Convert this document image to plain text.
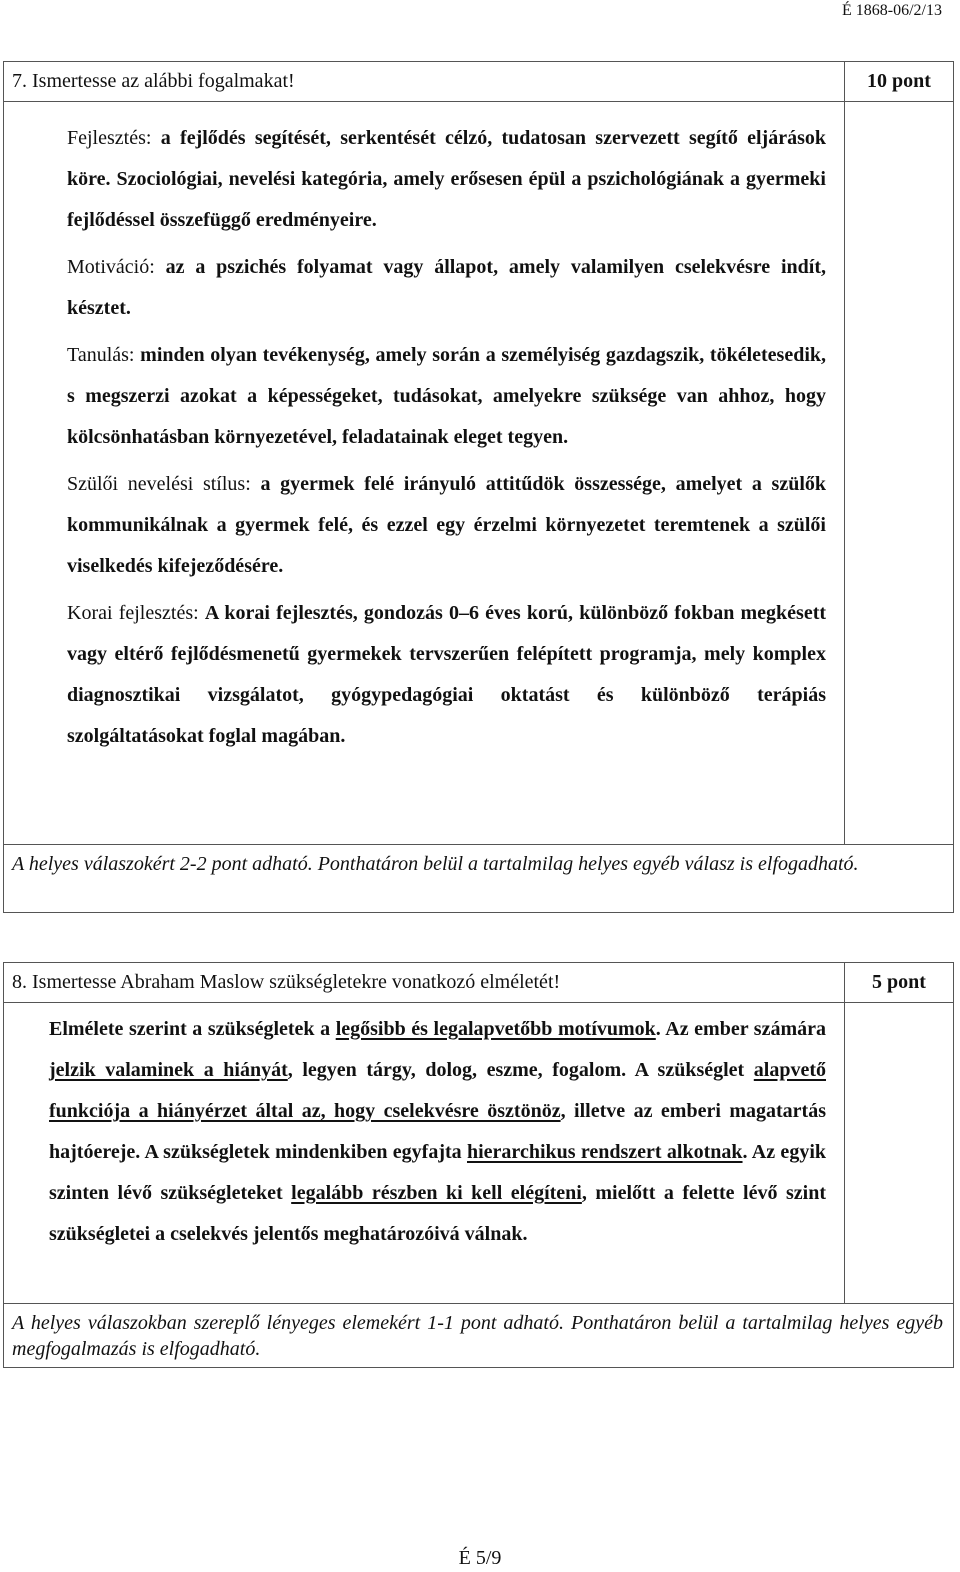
É 1868-06/2/13
7. Ismertesse az alábbi fogalmakat!	10 pont

Fejlesztés: a fejlődés segítését, serkentését célzó, tudatosan szervezett segítő eljárások köre. Szociológiai, nevelési kategória, amely erősesen épül a pszichológiának a gyermeki fejlődéssel összefüggő eredményeire.

Motiváció: az a pszichés folyamat vagy állapot, amely valamilyen cselekvésre indít, késztet.

Tanulás: minden olyan tevékenység, amely során a személyiség gazdagszik, tökéletesedik, s megszerzi azokat a képességeket, tudásokat, amelyekre szüksége van ahhoz, hogy kölcsönhatásban környezetével, feladatainak eleget tegyen.

Szülői nevelési stílus: a gyermek felé irányuló attitűdök összessége, amelyet a szülők kommunikálnak a gyermek felé, és ezzel egy érzelmi környezetet teremtenek a szülői viselkedés kifejeződésére.

Korai fejlesztés: A korai fejlesztés, gondozás 0–6 éves korú, különböző fokban megkésett vagy eltérő fejlődésmenetű gyermekek tervszerűen felépített programja, mely komplex diagnosztikai vizsgálatot, gyógypedagógiai oktatást és különböző terápiás szolgáltatásokat foglal magában.

A helyes válaszokért 2-2 pont adható. Ponthatáron belül a tartalmilag helyes egyéb válasz is elfogadható.
8. Ismertesse Abraham Maslow szükségletekre vonatkozó elméletét!	5 pont
Elmélete szerint a szükségletek a legősibb és legalapvetőbb motívumok. Az ember számára jelzik valaminek a hiányát, legyen tárgy, dolog, eszme, fogalom. A szükséglet alapvető funkciója a hiányérzet által az, hogy cselekvésre ösztönöz, illetve az emberi magatartás hajtóereje. A szükségletek mindenkiben egyfajta hierarchikus rendszert alkotnak. Az egyik szinten lévő szükségleteket legalább részben ki kell elégíteni, mielőtt a felette lévő szint szükségletei a cselekvés jelentős meghatározóivá válnak.
A helyes válaszokban szereplő lényeges elemekért 1-1 pont adható. Ponthatáron belül a tartalmilag helyes egyéb megfogalmazás is elfogadható.
É 5/9
